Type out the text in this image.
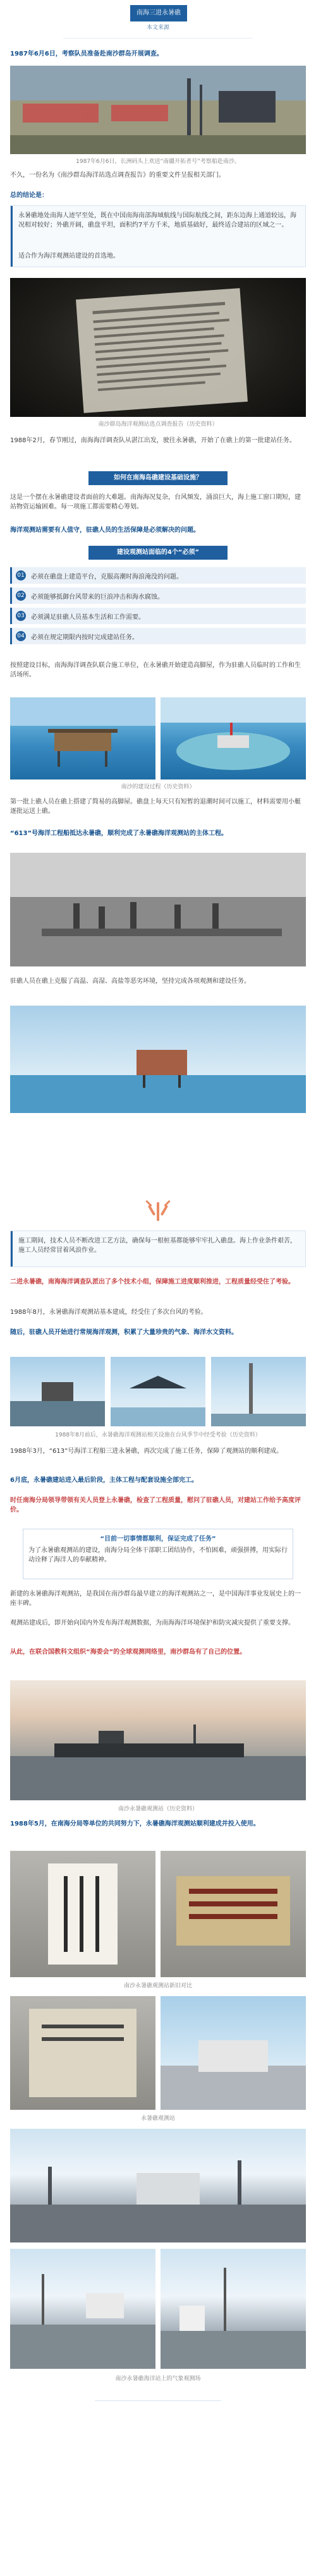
南海三进永暑礁
本文来源
1987年6月6日，考察队员准备赴南沙群岛开展调查。
1987年6月6日，长洲码头上欢送“南疆开拓者号”考察船赴南沙。
不久，一份名为《南沙群岛海洋站选点调查报告》的重要文件呈报相关部门。
总的结论是：
永暑礁地处南海人迹罕至处，既在中国南海南部海域航线与国际航线之间，距东边海上通道较远，海况相对较好；外礁开阔，礁盘平坦，面积约7平方千米，地质基础好，最终适合建站的区域之一。
适合作为海洋观测站建设的首选地。
南沙群岛海洋观测站选点调查报告（历史资料）
1988年2月，春节刚过，南海海洋调查队从湛江出发，驶往永暑礁，开始了在礁上的第一批建站任务。
如何在南海岛礁建设基础设施？
这是一个摆在永暑礁建设者面前的大难题。南海海况复杂，台风频发，涌浪巨大，海上施工窗口期短，建站物资运输困难。每一项施工都需要精心筹划。
海洋观测站需要有人值守，驻礁人员的生活保障是必须解决的问题。
建设观测站面临的4个“必须”
01 必须在礁盘上建造平台，克服高潮时海浪淹没的问题。
02 必须能够抵御台风带来的巨浪冲击和海水腐蚀。
03 必须满足驻礁人员基本生活和工作需要。
04 必须在规定期限内按时完成建站任务。
按照建设目标，南海海洋调查队联合施工单位，在永暑礁开始建造高脚屋，作为驻礁人员临时的工作和生活场所。
南沙的建设过程（历史资料）
第一批上礁人员在礁上搭建了简易的高脚屋。礁盘上每天只有短暂的退潮时间可以施工，材料需要用小艇逐批运送上礁。
“613”号海洋工程船抵达永暑礁，顺利完成了永暑礁海洋观测站的主体工程。
驻礁人员在礁上克服了高温、高湿、高盐等恶劣环境，坚持完成各项观测和建设任务。
施工期间，技术人员不断改进工艺方法，确保每一根桩基都能够牢牢扎入礁盘。海上作业条件艰苦，施工人员经常冒着风浪作业。
二进永暑礁，南海海洋调查队派出了多个技术小组，保障施工进度顺利推进，工程质量经受住了考验。
1988年8月，永暑礁海洋观测站基本建成，经受住了多次台风的考验。
随后，驻礁人员开始进行常规海洋观测，积累了大量珍贵的气象、海洋水文资料。
1988年8月前后，永暑礁海洋观测站相关设施在台风季节中经受考验（历史资料）
1988年3月，“613”号海洋工程船三进永暑礁，再次完成了施工任务，保障了观测站的顺利建成。
6月底，永暑礁建站进入最后阶段，主体工程与配套设施全部完工。
时任南海分局领导带领有关人员登上永暑礁，检查了工程质量，慰问了驻礁人员，对建站工作给予高度评价。
“目前一切事情都顺利，保证完成了任务”
为了永暑礁观测站的建设，南海分局全体干部职工团结协作，不怕困难，顽强拼搏，用实际行动诠释了海洋人的奉献精神。
新建的永暑礁海洋观测站，是我国在南沙群岛最早建立的海洋观测站之一，是中国海洋事业发展史上的一座丰碑。
观测站建成后，即开始向国内外发布海洋观测数据，为南海海洋环境保护和防灾减灾提供了重要支撑。
从此，在联合国教科文组织“海委会”的全球观测网络里，南沙群岛有了自己的位置。
南沙永暑礁观测站（历史资料）
1988年5月，在南海分局等单位的共同努力下，永暑礁海洋观测站顺利建成并投入使用。
南沙永暑礁观测站新旧对比
永暑礁观测站
南沙永暑礁海洋站上的气象观测场
